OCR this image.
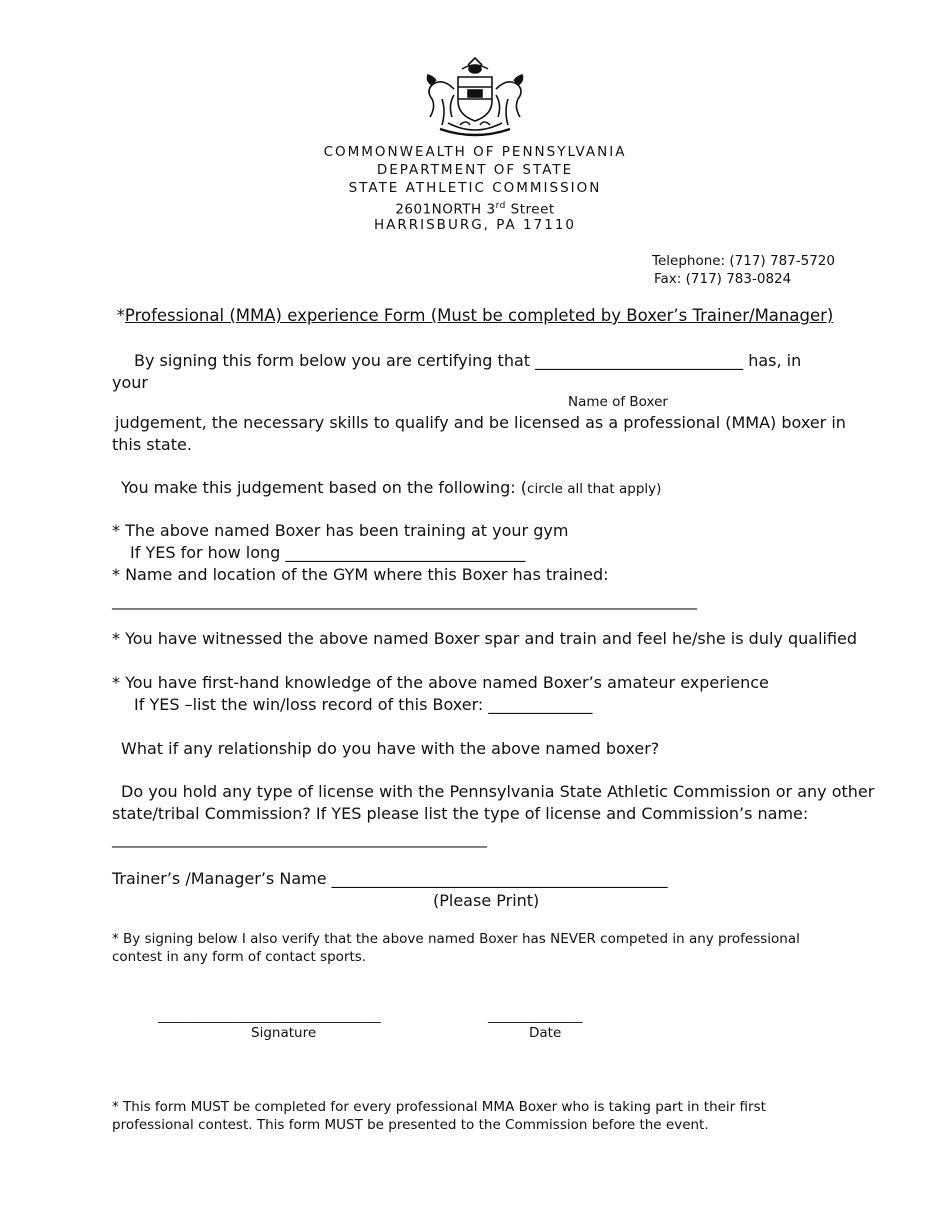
COMMONWEALTH OF PENNSYLVANIA
DEPARTMENT OF STATE
STATE ATHLETIC COMMISSION
2601NORTH 3rd Street
HARRISBURG, PA 17110
Telephone: (717) 787-5720
Fax: (717) 783-0824
*Professional (MMA) experience Form (Must be completed by Boxer’s Trainer/Manager)
By signing this form below you are certifying that __________________________ has, in
your
Name of Boxer
judgement, the necessary skills to qualify and be licensed as a professional (MMA) boxer in
this state.
You make this judgement based on the following: (circle all that apply)
* The above named Boxer has been training at your gym
If YES for how long ______________________________
* Name and location of the GYM where this Boxer has trained:
______________________________________________________________________________
* You have witnessed the above named Boxer spar and train and feel he/she is duly qualified
* You have first-hand knowledge of the above named Boxer’s amateur experience
If YES –list the win/loss record of this Boxer: _____________
What if any relationship do you have with the above named boxer?
Do you hold any type of license with the Pennsylvania State Athletic Commission or any other
state/tribal Commission? If YES please list the type of license and Commission’s name:
__________________________________________________
Trainer’s /Manager’s Name __________________________________________
(Please Print)
* By signing below I also verify that the above named Boxer has NEVER competed in any professional
contest in any form of contact sports.
_________________________________	______________
Signature	Date
* This form MUST be completed for every professional MMA Boxer who is taking part in their first
professional contest. This form MUST be presented to the Commission before the event.
